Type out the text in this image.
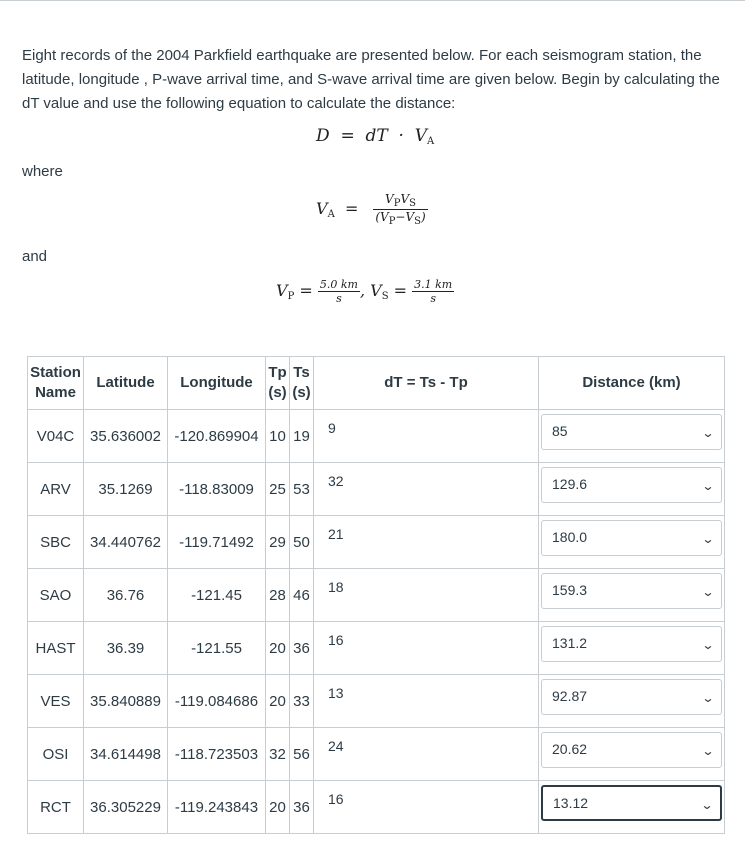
Eight records of the 2004 Parkfield earthquake are presented below. For each seismogram station, the latitude, longitude , P-wave arrival time, and S-wave arrival time are given below. Begin by calculating the dT value and use the following equation to calculate the distance:

D  =  dT  ·  $V_A$
where
$V_A = \frac{V_PV_S}{(V_P-V_S)}$
and
$V_P = \frac{5.0 km}{s}$ , $V_S = \frac{3.1 km}{s}$
Station Name	Latitude	Longitude	Tp (s)	Ts (s)	dT = Ts - Tp	Distance (km)
V04C	35.636002	-120.869904	10	19	9	85 ⌄

ARV	35.1269	-118.83009	25	53	32	129.6 ⌄

SBC	34.440762	-119.71492	29	50	21	180.0 ⌄

SAO	36.76	-121.45	28	46	18	159.3 ⌄

HAST	36.39	-121.55	20	36	16	131.2 ⌄

VES	35.840889	-119.084686	20	33	13	92.87 ⌄

OSI	34.614498	-118.723503	32	56	24	20.62 ⌄

RCT	36.305229	-119.243843	20	36	16	13.12 ⌄
